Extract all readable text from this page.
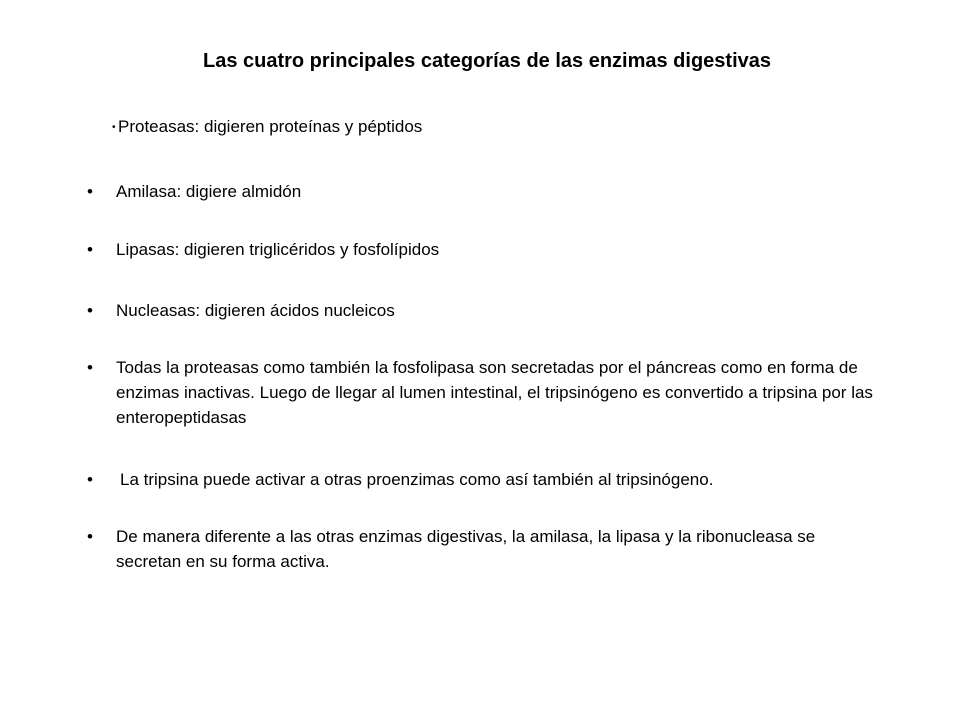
Las cuatro principales categorías de las enzimas digestivas
• Proteasas: digieren proteínas y péptidos
• Amilasa: digiere almidón
• Lipasas: digieren triglicéridos y fosfolípidos
• Nucleasas: digieren ácidos nucleicos
• Todas la proteasas como también la fosfolipasa son secretadas por el páncreas como en forma de enzimas inactivas. Luego de llegar al lumen intestinal, el tripsinógeno es convertido a tripsina por las enteropeptidasas
• La tripsina puede activar a otras proenzimas como así también al tripsinógeno.
• De manera diferente a las otras enzimas digestivas, la amilasa, la lipasa y la ribonucleasa se secretan en su forma activa.
